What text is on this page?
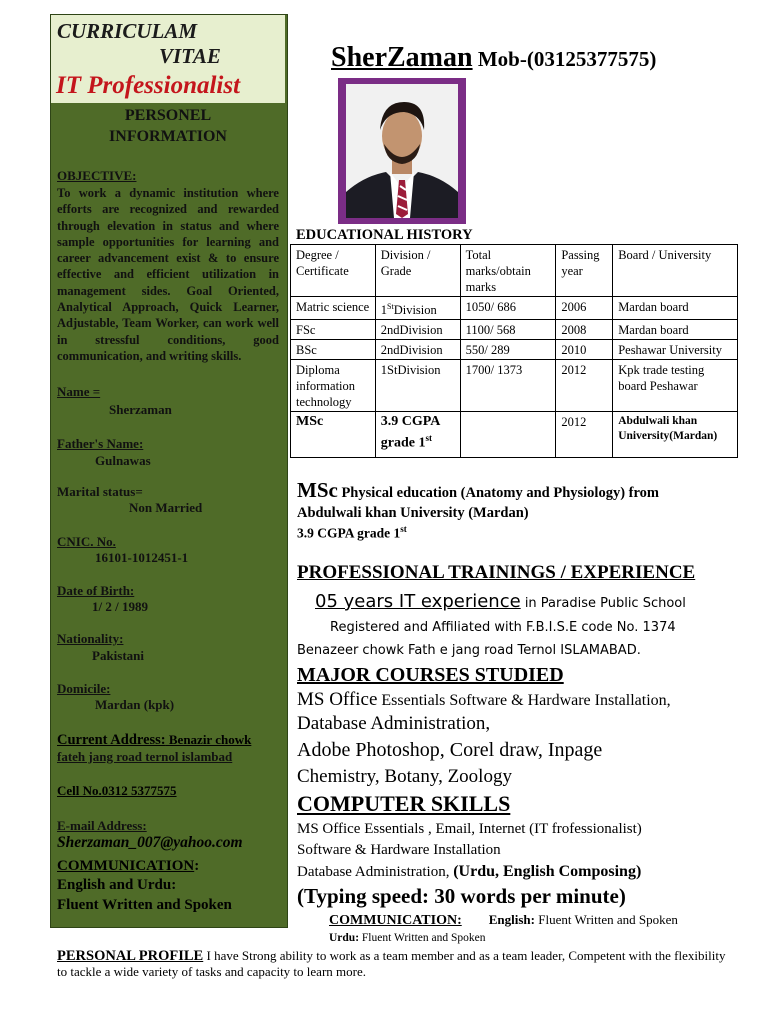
CURRICULAM
VITAE
IT Professionalist
PERSONEL
INFORMATION
OBJECTIVE:
To work a dynamic institution where efforts are recognized and rewarded through elevation in status and where sample opportunities for learning and career advancement exist & to ensure effective and efficient utilization in management sides. Goal Oriented, Analytical Approach, Quick Learner, Adjustable, Team Worker, can work well in stressful conditions, good communication, and writing skills.
Name =
Sherzaman
Father's Name:
Gulnawas
Marital status=
Non Married
CNIC. No.
16101-1012451-1
Date of Birth:
1/ 2 / 1989
Nationality:
Pakistani
Domicile:
Mardan (kpk)
Current Address: Benazir chowk
fateh jang road ternol islambad
Cell No.0312 5377575
E-mail Address:
Sherzaman_007@yahoo.com
COMMUNICATION:
English and Urdu:
Fluent Written and Spoken
SherZaman Mob-(03125377575)
EDUCATIONAL HISTORY
Degree / Certificate	Division / Grade	Total marks/obtain marks	Passing year	Board / University
Matric science	1StDivision	1050/ 686	2006	Mardan board
FSc	2ndDivision	1100/ 568	2008	Mardan board
BSc	2ndDivision	550/ 289	2010	Peshawar University
Diploma information technology	1StDivision	1700/ 1373	2012	Kpk trade testing board Peshawar
MSc	3.9 CGPA grade 1st		2012	Abdulwali khan University(Mardan)
MSc Physical education (Anatomy and Physiology) from
Abdulwali khan University (Mardan)
3.9 CGPA grade 1st
PROFESSIONAL TRAININGS / EXPERIENCE
05 years IT experience in Paradise Public School
Registered and Affiliated with F.B.I.S.E code No. 1374
Benazeer chowk Fath e jang road Ternol ISLAMABAD.
MAJOR COURSES STUDIED
MS Office Essentials Software & Hardware Installation,
Database Administration,
Adobe Photoshop, Corel draw, Inpage
Chemistry, Botany, Zoology
COMPUTER SKILLS
MS Office Essentials , Email, Internet (IT frofessionalist)
Software & Hardware Installation
Database Administration, (Urdu, English Composing)
(Typing speed: 30 words per minute)
COMMUNICATION: English: Fluent Written and Spoken
Urdu: Fluent Written and Spoken
PERSONAL PROFILE I have Strong ability to work as a team member and as a team leader, Competent with the flexibility to tackle a wide variety of tasks and capacity to learn more.
